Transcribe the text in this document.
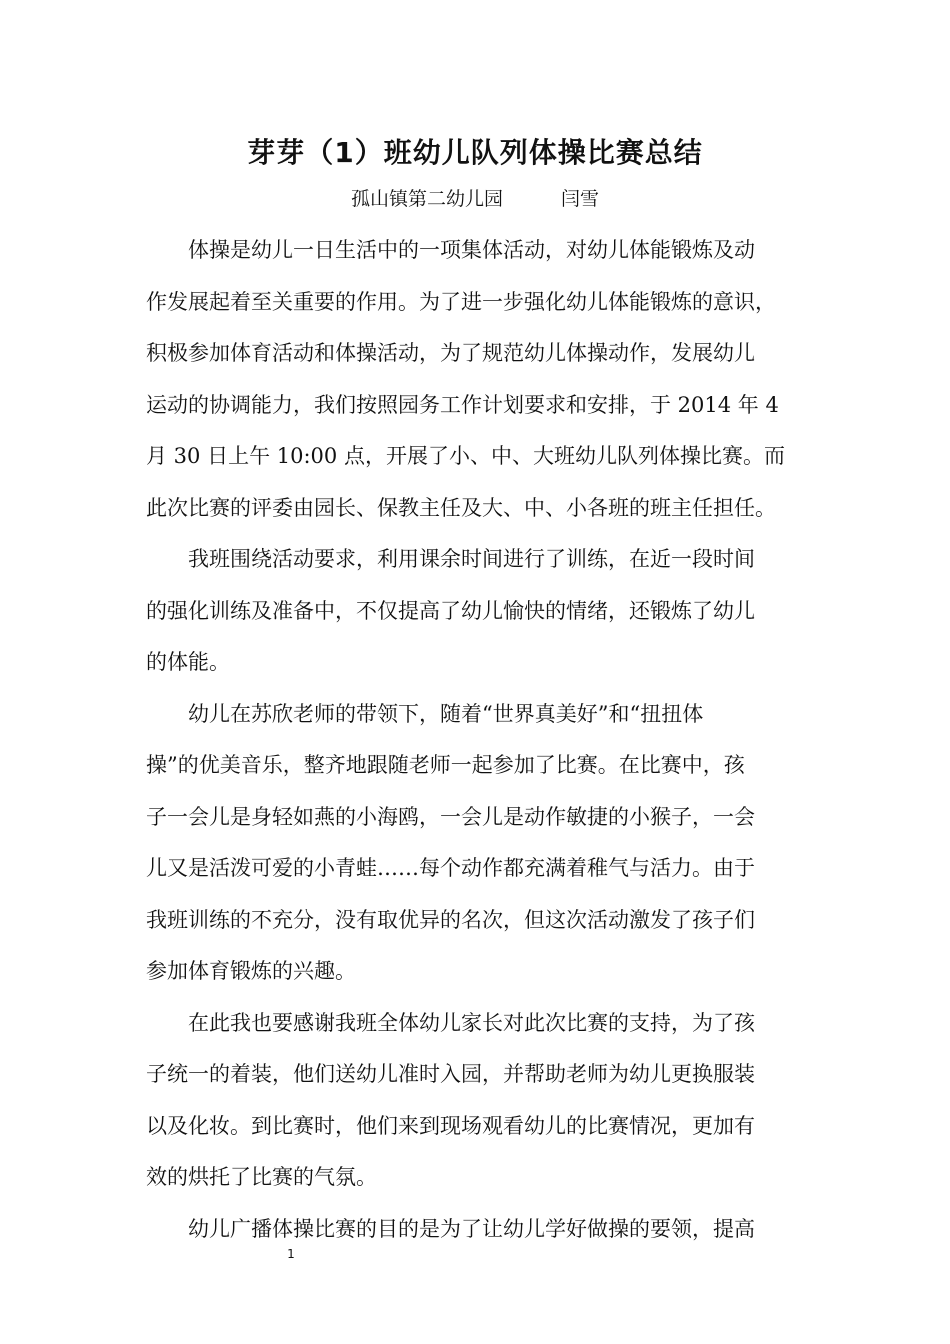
芽芽（1）班幼儿队列体操比赛总结
孤山镇第二幼儿园	闫雪
体操是幼儿一日生活中的一项集体活动，对幼儿体能锻炼及动
作发展起着至关重要的作用。为了进一步强化幼儿体能锻炼的意识，
积极参加体育活动和体操活动，为了规范幼儿体操动作，发展幼儿
运动的协调能力，我们按照园务工作计划要求和安排，于 2014 年 4
月 30 日上午 10:00 点，开展了小、中、大班幼儿队列体操比赛。而
此次比赛的评委由园长、保教主任及大、中、小各班的班主任担任。
我班围绕活动要求，利用课余时间进行了训练，在近一段时间
的强化训练及准备中，不仅提高了幼儿愉快的情绪，还锻炼了幼儿
的体能。
幼儿在苏欣老师的带领下，随着“世界真美好”和“扭扭体
操”的优美音乐，整齐地跟随老师一起参加了比赛。在比赛中，孩
子一会儿是身轻如燕的小海鸥，一会儿是动作敏捷的小猴子，一会
儿又是活泼可爱的小青蛙……每个动作都充满着稚气与活力。由于
我班训练的不充分，没有取优异的名次，但这次活动激发了孩子们
参加体育锻炼的兴趣。
在此我也要感谢我班全体幼儿家长对此次比赛的支持，为了孩
子统一的着装，他们送幼儿准时入园，并帮助老师为幼儿更换服装
以及化妆。到比赛时，他们来到现场观看幼儿的比赛情况，更加有
效的烘托了比赛的气氛。
幼儿广播体操比赛的目的是为了让幼儿学好做操的要领，提高
1
